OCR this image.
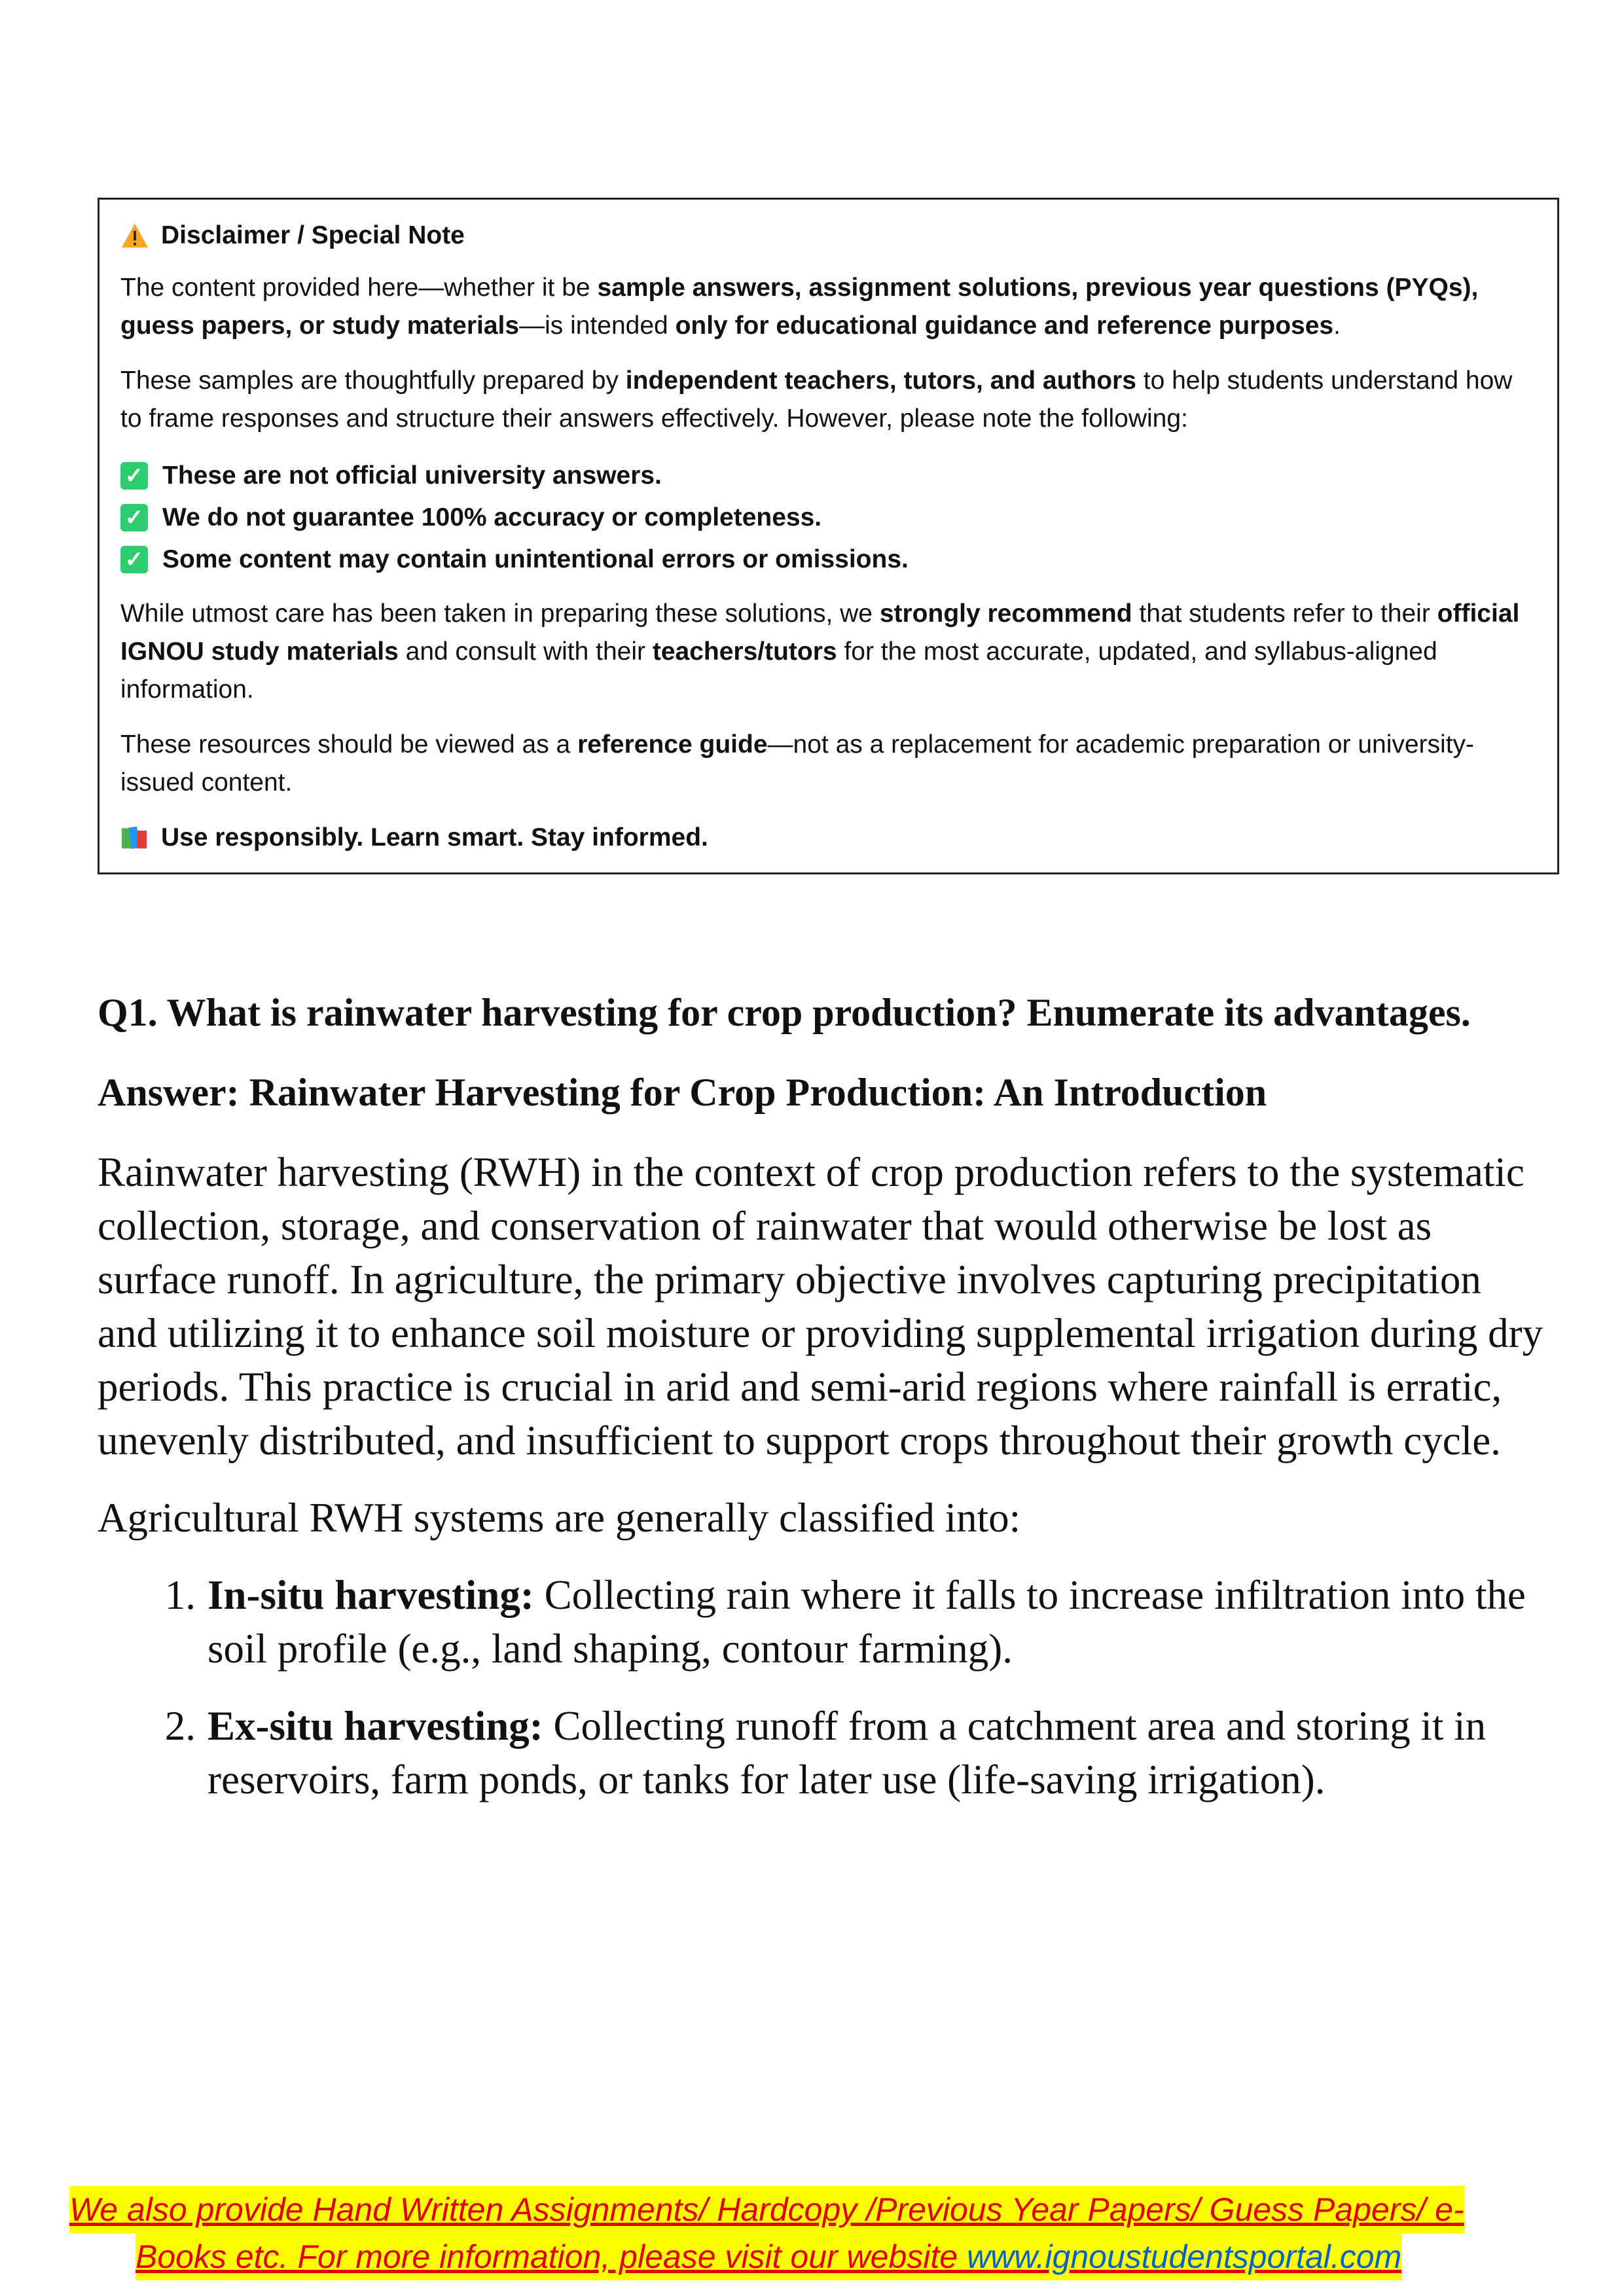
Disclaimer / Special Note

The content provided here—whether it be sample answers, assignment solutions, previous year questions (PYQs), guess papers, or study materials—is intended only for educational guidance and reference purposes.

These samples are thoughtfully prepared by independent teachers, tutors, and authors to help students understand how to frame responses and structure their answers effectively. However, please note the following:

✓ These are not official university answers.

✓ We do not guarantee 100% accuracy or completeness.

✓ Some content may contain unintentional errors or omissions.

While utmost care has been taken in preparing these solutions, we strongly recommend that students refer to their official IGNOU study materials and consult with their teachers/tutors for the most accurate, updated, and syllabus-aligned information.

These resources should be viewed as a reference guide—not as a replacement for academic preparation or university-issued content.

Use responsibly. Learn smart. Stay informed.

Q1. What is rainwater harvesting for crop production? Enumerate its advantages.
Answer: Rainwater Harvesting for Crop Production: An Introduction

Rainwater harvesting (RWH) in the context of crop production refers to the systematic collection, storage, and conservation of rainwater that would otherwise be lost as surface runoff. In agriculture, the primary objective involves capturing precipitation and utilizing it to enhance soil moisture or providing supplemental irrigation during dry periods. This practice is crucial in arid and semi-arid regions where rainfall is erratic, unevenly distributed, and insufficient to support crops throughout their growth cycle.

Agricultural RWH systems are generally classified into:

1. In-situ harvesting: Collecting rain where it falls to increase infiltration into the soil profile (e.g., land shaping, contour farming).
2. Ex-situ harvesting: Collecting runoff from a catchment area and storing it in reservoirs, farm ponds, or tanks for later use (life-saving irrigation).
We also provide Hand Written Assignments/ Hardcopy /Previous Year Papers/ Guess Papers/ e-
Books etc. For more information, please visit our website www.ignoustudentsportal.com
